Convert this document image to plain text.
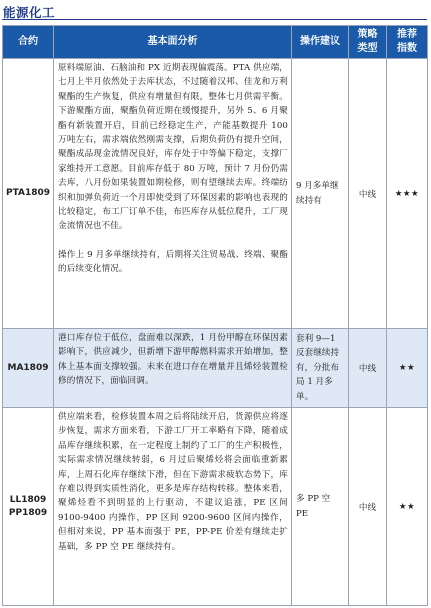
能源化工
合约	基本面分析	操作建议	策略类型	推荐指数
PTA1809	原料端原油、石脑油和 PX 近期表现偏震荡。PTA 供应端，七月上半月依然处于去库状态，不过随着汉邦、佳龙和万利聚酯的生产恢复，供应有增量但有限，整体七月供需平衡。下游聚酯方面，聚酯负荷近期在缓慢提升，另外 5、6 月聚酯有新装置开启，目前已经稳定生产，产能基数提升 100 万吨左右，需求端依然刚需支撑，后期负荷仍有提升空间，聚酯成品现金流情况良好，库存处于中等偏下稳定，支撑厂家维持开工意愿。目前库存低于 80 万吨，预计 7 月份仍需去库，八月份如果装置如期检修，则有望继续去库。终端纺织和加弹负荷近一个月即使受到了环保因素的影响也表现的比较稳定，布工厂订单不佳，布匹库存从低位爬升，工厂现金流情况也不佳。

操作上 9 月多单继续持有，后期将关注贸易战、终端、聚酯的后续变化情况。	9 月多单继续持有	中线	★★★
MA1809	港口库存位于低位，盘面难以深跌，1 月份甲醇在环保因素影响下，供应减少，但新增下游甲醇燃料需求开始增加，整体上基本面支撑较强。未来在进口存在增量并且烯烃装置检修的情况下，面临回调。	套利 9—1 反套继续持有，分批布局 1 月多单。	中线	★★

LL1809
PP1809	供应端来看，检修装置本周之后将陆续开启，货源供应将逐步恢复，需求方面来看，下游工厂开工率略有下降，随着成品库存继续积累，在一定程度上制约了工厂的生产积极性，实际需求情况继续转弱，6 月过后聚烯烃将会面临重新累库，上周石化库存继续下滑，但在下游需求疲软态势下，库存难以得到实质性消化，更多是库存结构转移。整体来看，聚烯烃看不到明显的上行驱动，不建议追涨，PE 区间 9100-9400 内操作，PP 区间 9200-9600 区间内操作，但相对来说，PP 基本面强于 PE，PP-PE 价差有继续走扩基础，多 PP 空 PE 继续持有。	多 PP 空 PE	中线	★★
